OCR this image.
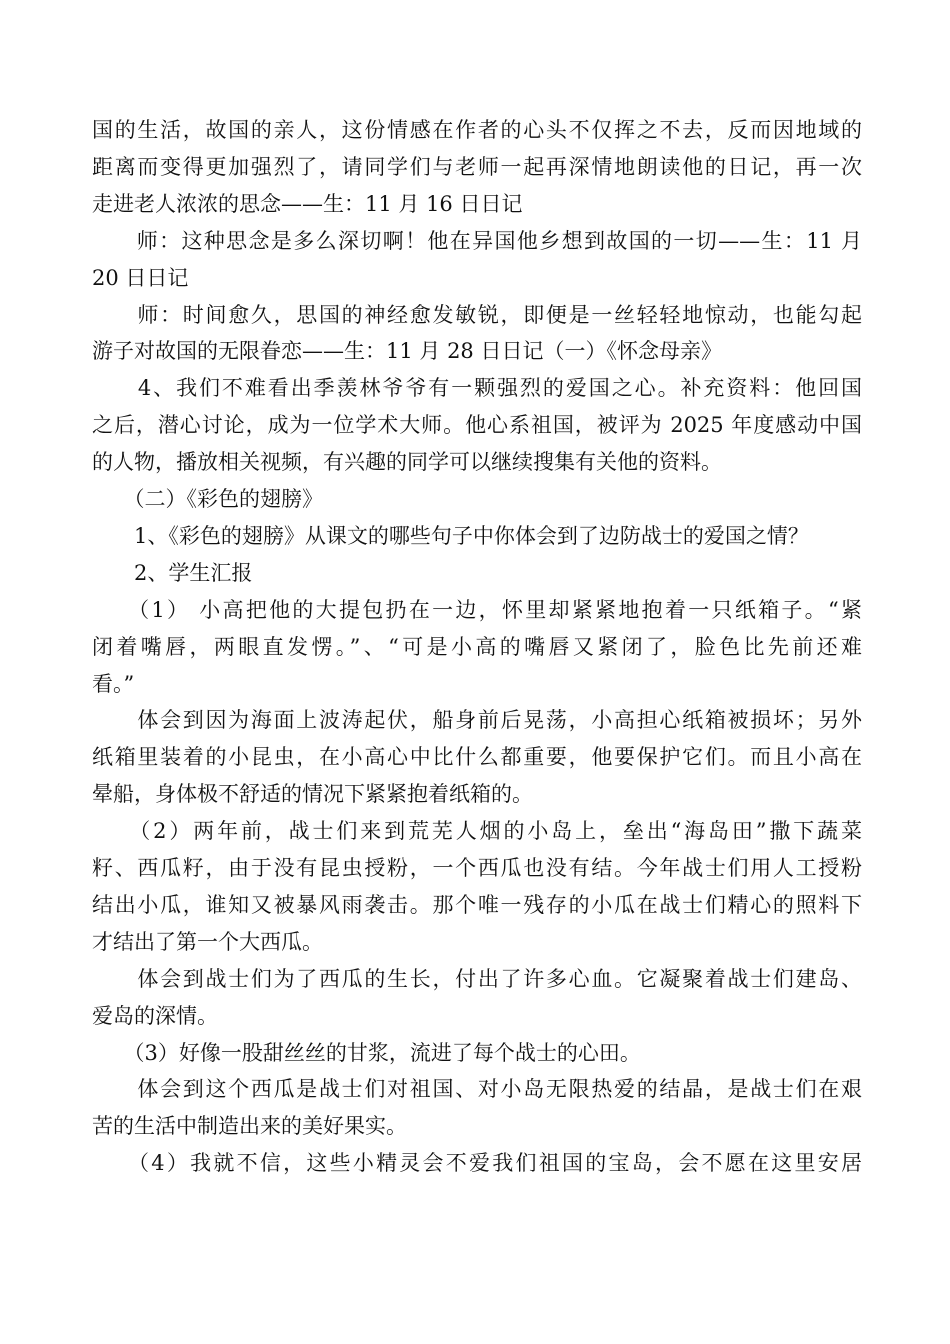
国的生活，故国的亲人，这份情感在作者的心头不仅挥之不去，反而因地域的
距离而变得更加强烈了，请同学们与老师一起再深情地朗读他的日记，再一次
走进老人浓浓的思念——生：11 月 16 日日记
　　师：这种思念是多么深切啊！他在异国他乡想到故国的一切——生：11 月
20 日日记
　　师：时间愈久，思国的神经愈发敏锐，即便是一丝轻轻地惊动，也能勾起
游子对故国的无限眷恋——生：11 月 28 日日记（一）《怀念母亲》
　　4、我们不难看出季羡林爷爷有一颗强烈的爱国之心。补充资料：他回国
之后，潜心讨论，成为一位学术大师。他心系祖国，被评为 2025 年度感动中国
的人物，播放相关视频，有兴趣的同学可以继续搜集有关他的资料。
　　（二）《彩色的翅膀》
　　1、《彩色的翅膀》从课文的哪些句子中你体会到了边防战士的爱国之情？
　　2、学生汇报
　　（1） 小高把他的大提包扔在一边，怀里却紧紧地抱着一只纸箱子。“紧
闭着嘴唇，两眼直发愣。”、“可是小高的嘴唇又紧闭了，脸色比先前还难
看。”
　　体会到因为海面上波涛起伏，船身前后晃荡，小高担心纸箱被损坏；另外
纸箱里装着的小昆虫，在小高心中比什么都重要，他要保护它们。而且小高在
晕船，身体极不舒适的情况下紧紧抱着纸箱的。
　　（2）两年前，战士们来到荒芜人烟的小岛上，垒出“海岛田”撒下蔬菜
籽、西瓜籽，由于没有昆虫授粉，一个西瓜也没有结。今年战士们用人工授粉
结出小瓜，谁知又被暴风雨袭击。那个唯一残存的小瓜在战士们精心的照料下
才结出了第一个大西瓜。
　　体会到战士们为了西瓜的生长，付出了许多心血。它凝聚着战士们建岛、
爱岛的深情。
　　（3）好像一股甜丝丝的甘浆，流进了每个战士的心田。
　　体会到这个西瓜是战士们对祖国、对小岛无限热爱的结晶，是战士们在艰
苦的生活中制造出来的美好果实。
　　（4）我就不信，这些小精灵会不爱我们祖国的宝岛，会不愿在这里安居
